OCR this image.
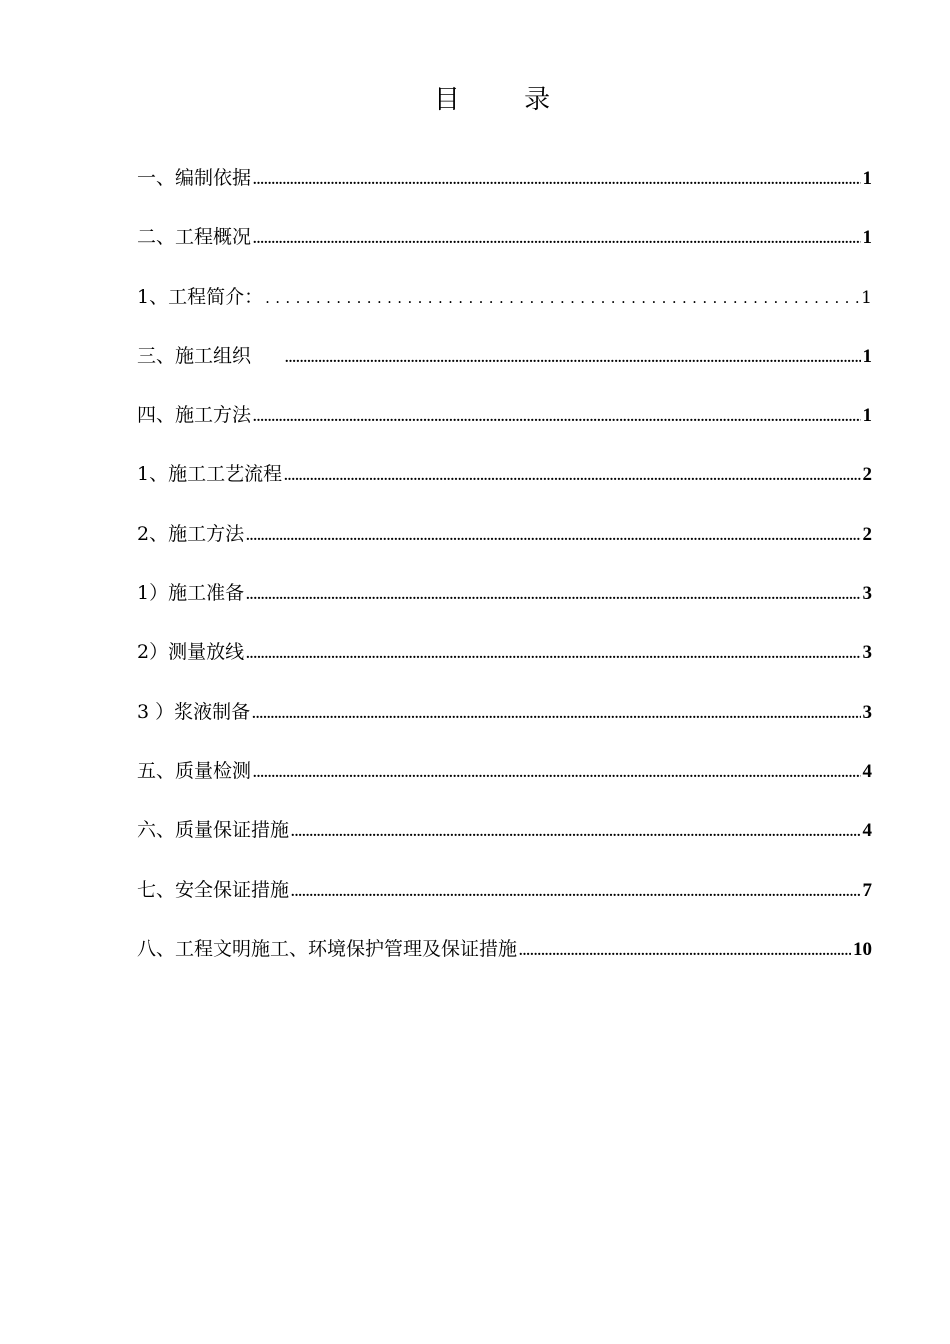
目 录
一、编制依据 .....	1
二、工程概况 .....	1
1、工程简介： .....	1
三、施工组织 .....	1
四、施工方法 .....	1
1、施工工艺流程 .....	2
2、施工方法 .....	2
1）施工准备 .....	3
2）测量放线 .....	3
3 ）浆液制备 .....	3
五、质量检测 .....	4
六、质量保证措施 .....	4
七、安全保证措施 .....	7
八、工程文明施工、环境保护管理及保证措施 .....	10
